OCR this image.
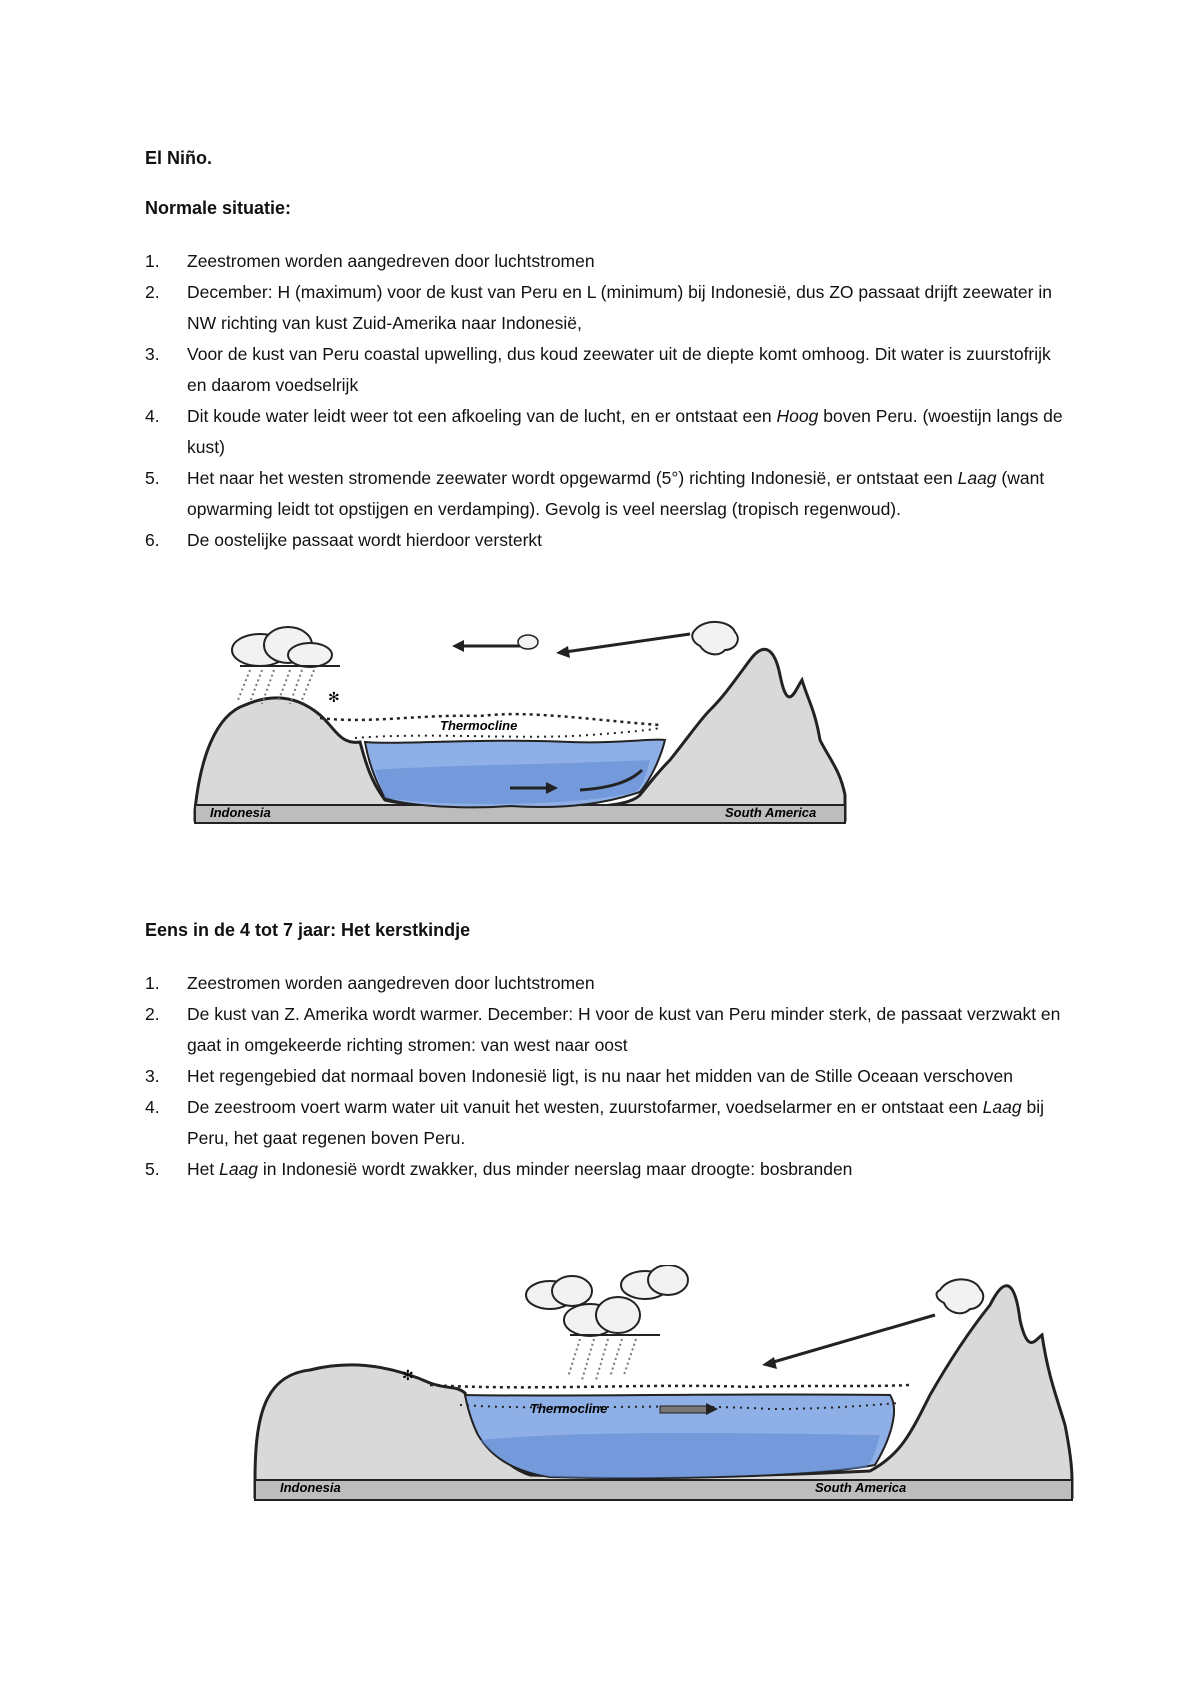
El Niño.
Normale situatie:
1. Zeestromen worden aangedreven door luchtstromen
2. December: H (maximum) voor de kust van Peru en L (minimum) bij Indonesië, dus ZO passaat drijft zeewater in NW richting van kust Zuid-Amerika naar Indonesië,
3. Voor de kust van Peru coastal upwelling, dus koud zeewater uit de diepte komt omhoog. Dit water is zuurstofrijk en daarom voedselrijk
4. Dit koude water leidt weer tot een afkoeling van de lucht, en er ontstaat een Hoog boven Peru. (woestijn langs de kust)
5. Het naar het westen stromende zeewater wordt opgewarmd (5°) richting Indonesië, er ontstaat een Laag (want opwarming leidt tot opstijgen en verdamping). Gevolg is veel neerslag (tropisch regenwoud).
6. De oostelijke passaat wordt hierdoor versterkt
✻
Thermocline
Indonesia	South America
Eens in de 4 tot 7 jaar: Het kerstkindje
1. Zeestromen worden aangedreven door luchtstromen
2. De kust van Z. Amerika wordt warmer. December: H voor de kust van Peru minder sterk, de passaat verzwakt en gaat in omgekeerde richting stromen: van west naar oost
3. Het regengebied dat normaal boven Indonesië ligt, is nu naar het midden van de Stille Oceaan verschoven
4. De zeestroom voert warm water uit vanuit het westen, zuurstofarmer, voedselarmer en er ontstaat een Laag bij Peru, het gaat regenen boven Peru.
5. Het Laag in Indonesië wordt zwakker, dus minder neerslag maar droogte: bosbranden
✻
Thermocline
Indonesia	South America
